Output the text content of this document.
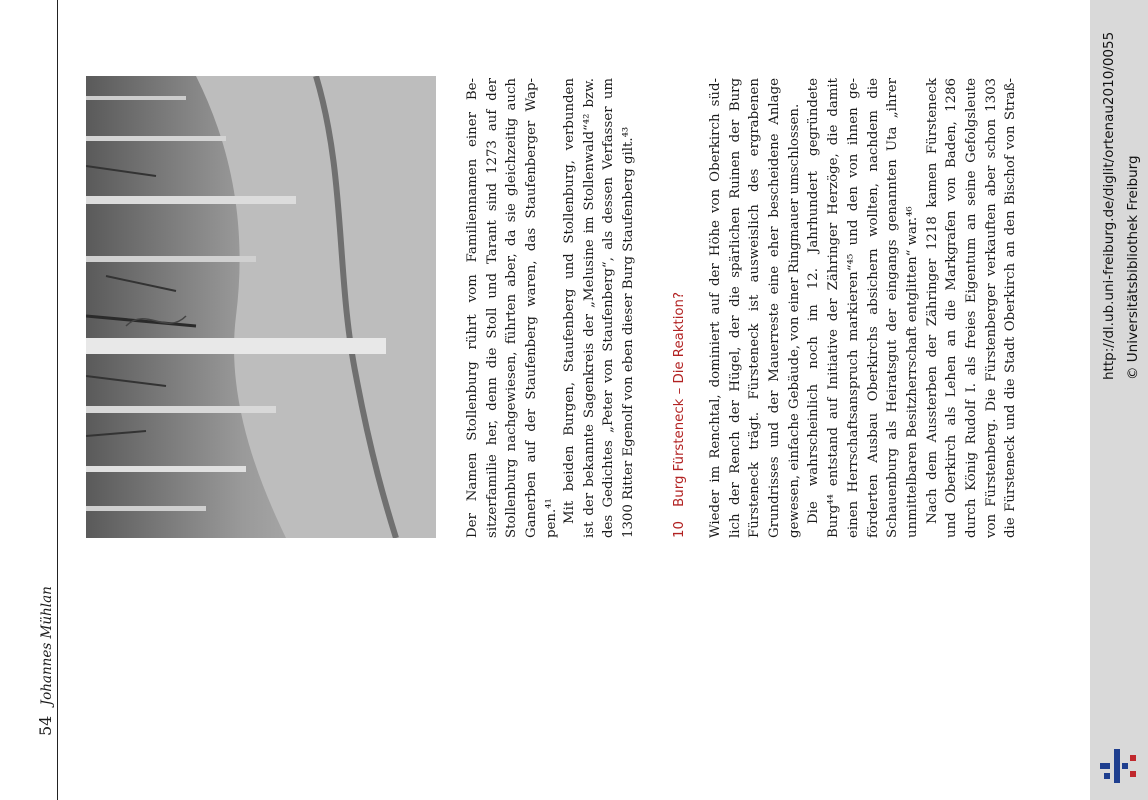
54 Johannes Mühlan
Der Namen Stollenburg rührt vom Familiennamen einer Be- sitzerfamilie her, denn die Stoll und Tarant sind 1273 auf der Stollenburg nachgewiesen, führten aber, da sie gleichzeitig auch Ganerben auf der Staufenberg waren, das Staufenberger Wap- pen.⁴¹ Mit beiden Burgen, Staufenberg und Stollenburg, verbunden ist der bekannte Sagenkreis der „Melusine im Stollenwald“⁴² bzw. des Gedichtes „Peter von Staufenberg“, als dessen Verfasser um 1300 Ritter Egenolf von eben dieser Burg Staufenberg gilt.⁴³	10 Burg Fürsteneck – Die Reaktion? Wieder im Renchtal, dominiert auf der Höhe von Oberkirch süd- lich der Rench der Hügel, der die spärlichen Ruinen der Burg Fürsteneck trägt. Fürsteneck ist ausweislich des ergrabenen Grundrisses und der Mauerreste eine eher bescheidene Anlage gewesen, einfache Gebäude, von einer Ringmauer umschlossen. Die wahrscheinlich noch im 12. Jahrhundert gegründete Burg⁴⁴ entstand auf Initiative der Zähringer Herzöge, die damit einen Herrschaftsanspruch markieren“⁴⁵ und den von ihnen ge- förderten Ausbau Oberkirchs absichern wollten, nachdem die Schauenburg als Heiratsgut der eingangs genannten Uta „ihrer unmittelbaren Besitzherrschaft entglitten“ war.⁴⁶ Nach dem Aussterben der Zähringer 1218 kamen Fürsteneck und Oberkirch als Lehen an die Markgrafen von Baden, 1286 durch König Rudolf I. als freies Eigentum an seine Gefolgsleute von Fürstenberg. Die Fürstenberger verkauften aber schon 1303 die Fürsteneck und die Stadt Oberkirch an den Bischof von Straß-	http://dl.ub.uni-freiburg.de/diglit/ortenau2010/0055 © Universitätsbibliothek Freiburg
